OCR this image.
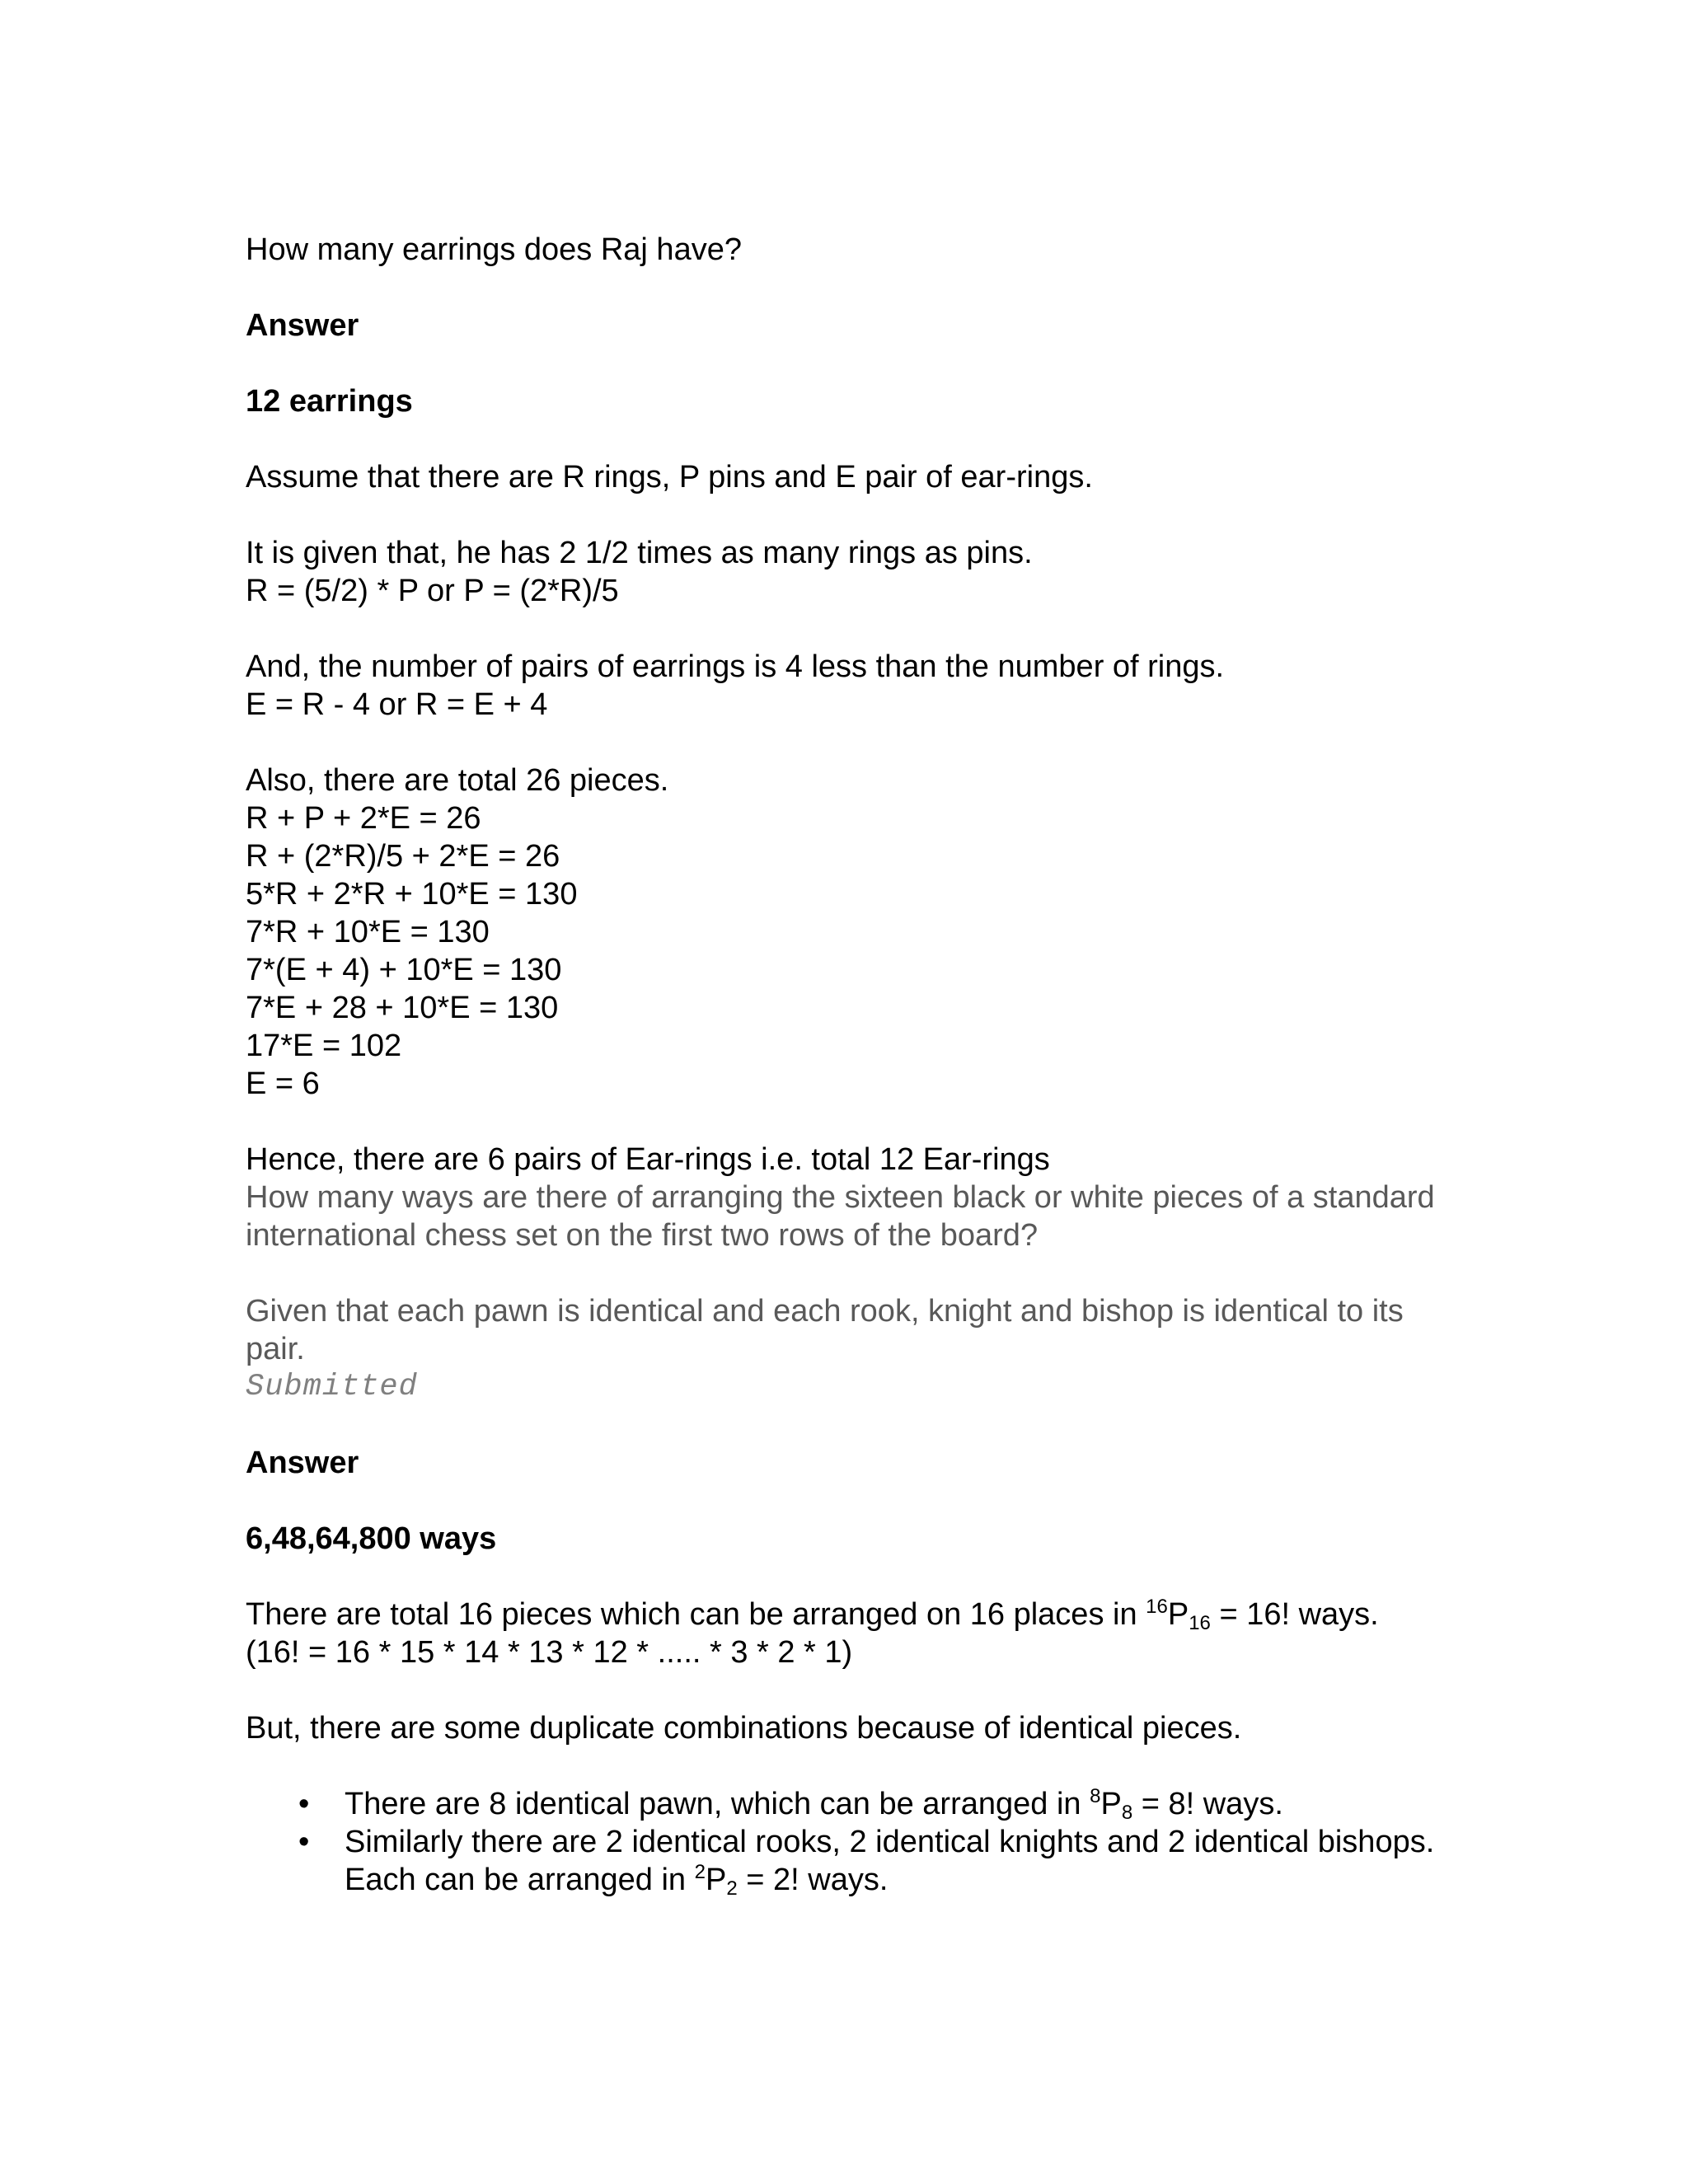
How many earrings does Raj have?

Answer

12 earrings

Assume that there are R rings, P pins and E pair of ear-rings.

It is given that, he has 2 1/2 times as many rings as pins.

R = (5/2) * P or P = (2*R)/5

And, the number of pairs of earrings is 4 less than the number of rings.

E = R - 4 or R = E + 4

Also, there are total 26 pieces.

R + P + 2*E = 26

R + (2*R)/5 + 2*E = 26

5*R + 2*R + 10*E = 130

7*R + 10*E = 130

7*(E + 4) + 10*E = 130

7*E + 28 + 10*E = 130

17*E = 102

E = 6

Hence, there are 6 pairs of Ear-rings i.e. total 12 Ear-rings

How many ways are there of arranging the sixteen black or white pieces of a standard international chess set on the first two rows of the board?

Given that each pawn is identical and each rook, knight and bishop is identical to its pair.

Submitted

Answer

6,48,64,800 ways

There are total 16 pieces which can be arranged on 16 places in $^{16}P_{16} = 16$! ways.

(16! = 16 * 15 * 14 * 13 * 12 * ..... * 3 * 2 * 1)

But, there are some duplicate combinations because of identical pieces.

• There are 8 identical pawn, which can be arranged in $^8P_8 = 8$! ways.
• Similarly there are 2 identical rooks, 2 identical knights and 2 identical bishops. Each can be arranged in $^2P_2 = 2$! ways.
